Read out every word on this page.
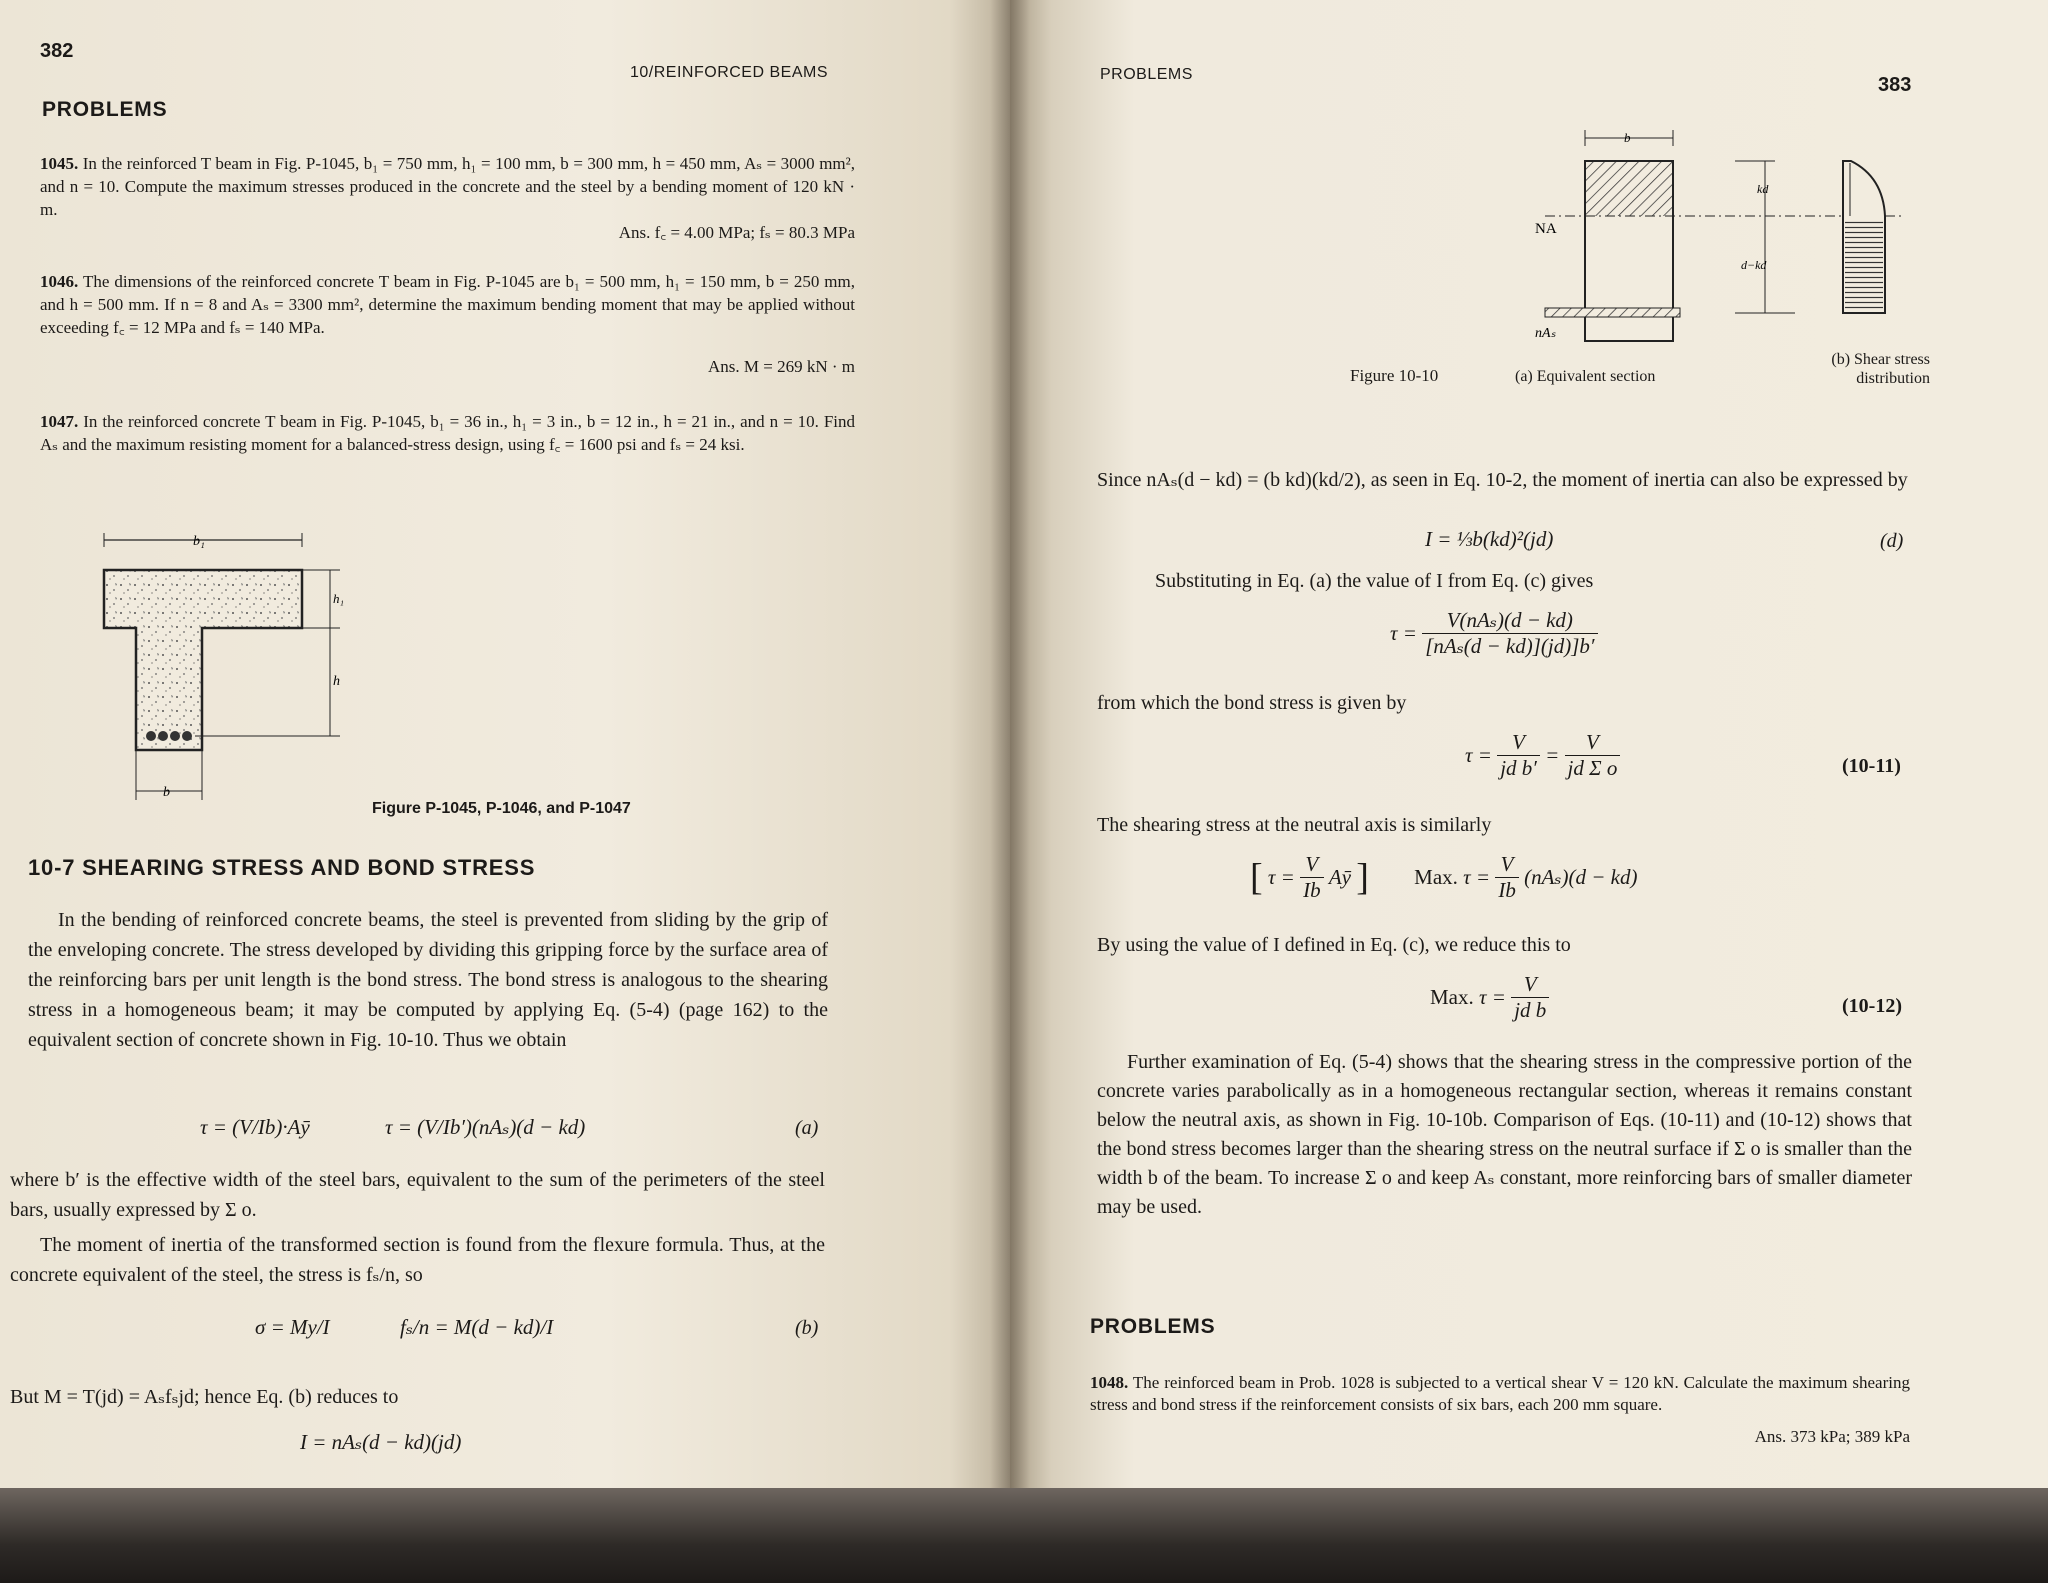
382
10/REINFORCED BEAMS
PROBLEMS
1045. In the reinforced T beam in Fig. P-1045, b₁ = 750 mm, h₁ = 100 mm, b = 300 mm, h = 450 mm, Aₛ = 3000 mm², and n = 10. Compute the maximum stresses produced in the concrete and the steel by a bending moment of 120 kN · m.
Ans. f꜀ = 4.00 MPa; fₛ = 80.3 MPa
1046. The dimensions of the reinforced concrete T beam in Fig. P-1045 are b₁ = 500 mm, h₁ = 150 mm, b = 250 mm, and h = 500 mm. If n = 8 and Aₛ = 3300 mm², determine the maximum bending moment that may be applied without exceeding f꜀ = 12 MPa and fₛ = 140 MPa.
Ans. M = 269 kN · m
1047. In the reinforced concrete T beam in Fig. P-1045, b₁ = 36 in., h₁ = 3 in., b = 12 in., h = 21 in., and n = 10. Find Aₛ and the maximum resisting moment for a balanced-stress design, using f꜀ = 1600 psi and fₛ = 24 ksi.
b₁
h₁
h
b
Figure P-1045, P-1046, and P-1047
10-7 SHEARING STRESS AND BOND STRESS
In the bending of reinforced concrete beams, the steel is prevented from sliding by the grip of the enveloping concrete. The stress developed by dividing this gripping force by the surface area of the reinforcing bars per unit length is the bond stress. The bond stress is analogous to the shearing stress in a homogeneous beam; it may be computed by applying Eq. (5-4) (page 162) to the equivalent section of concrete shown in Fig. 10-10. Thus we obtain
τ = (V/Ib)·Aȳ	τ = (V/Ib′)(nAₛ)(d − kd)	(a)
where b′ is the effective width of the steel bars, equivalent to the sum of the perimeters of the steel bars, usually expressed by Σ o.
The moment of inertia of the transformed section is found from the flexure formula. Thus, at the concrete equivalent of the steel, the stress is fₛ/n, so
σ = My/I	fₛ/n = M(d − kd)/I	(b)
But M = T(jd) = Aₛfₛjd; hence Eq. (b) reduces to
I = nAₛ(d − kd)(jd)
PROBLEMS	383
b
NA
nAₛ
kd
d−kd
Figure 10-10	(a) Equivalent section
(b) Shear stress
distribution
Since nAₛ(d − kd) = (b kd)(kd/2), as seen in Eq. 10-2, the moment of inertia can also be expressed by
I = ⅓b(kd)²(jd)	(d)
Substituting in Eq. (a) the value of I from Eq. (c) gives
$\tau = \frac{\text{V(nAₛ)(d − kd)}}{\text{[nAₛ(d − kd)](jd)]b′}}$
from which the bond stress is given by
$\tau = \frac{V}{\text{jd b′}} = \frac{V}{\text{jd Σ o}}$	(10-11)
The shearing stress at the neutral axis is similarly
[ $\tau = \frac{V}{Ib}$ Aȳ ] Max. $\tau = \frac{V}{Ib} (nA_s)(d - kd)$
By using the value of I defined in Eq. (c), we reduce this to
Max. $\tau = \frac{V}{\text{jd b}}$	(10-12)
Further examination of Eq. (5-4) shows that the shearing stress in the compressive portion of the concrete varies parabolically as in a homogeneous rectangular section, whereas it remains constant below the neutral axis, as shown in Fig. 10-10b. Comparison of Eqs. (10-11) and (10-12) shows that the bond stress becomes larger than the shearing stress on the neutral surface if Σ o is smaller than the width b of the beam. To increase Σ o and keep Aₛ constant, more reinforcing bars of smaller diameter may be used.
PROBLEMS
1048. The reinforced beam in Prob. 1028 is subjected to a vertical shear V = 120 kN. Calculate the maximum shearing stress and bond stress if the reinforcement consists of six bars, each 200 mm square.
Ans. 373 kPa; 389 kPa
